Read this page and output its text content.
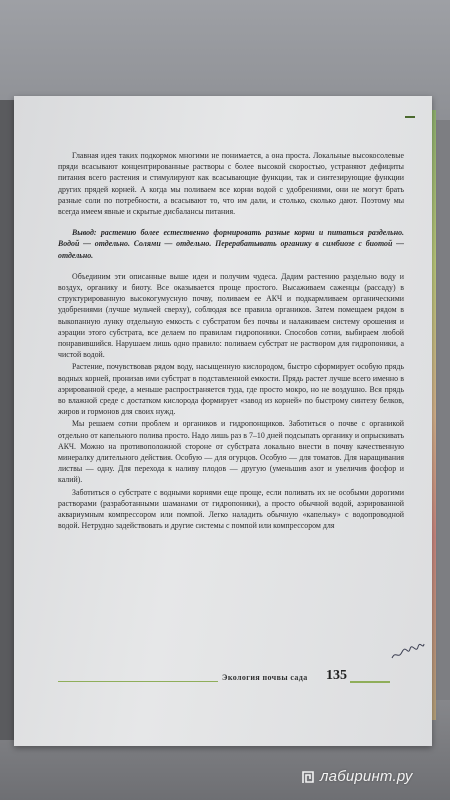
Главная идея таких подкормок многими не понимается, а она проста. Локальные высокосолевые пряди всасывают концентрированные растворы с более высокой скоростью, устраняют дефициты питания всего растения и стимулируют как всасывающие функции, так и синтезирующие функции других прядей корней. А когда мы поливаем все корни водой с удобрениями, они не могут брать разные соли по потребности, а всасывают то, что им дали, и столько, сколько дают. Поэтому мы всегда имеем явные и скрытые дисбалансы питания.

Вывод: растению более естественно формировать разные корни и питаться раздельно. Водой — отдельно. Солями — отдельно. Перерабатывать органику в симбиозе с биотой — отдельно.

Объединим эти описанные выше идеи и получим чудеса. Дадим растению раздельно воду и воздух, органику и биоту. Все оказывается проще простого. Высаживаем саженцы (рассаду) в структурированную высокогумусную почву, поливаем ее АКЧ и подкармливаем органическими удобрениями (лучше мульчей сверху), соблюдая все правила органиков. Затем помещаем рядом в выкопанную лунку отдельную емкость с субстратом без почвы и налаживаем систему орошения и аэрации этого субстрата, все делаем по правилам гидропоники. Способов сотни, выбираем любой понравившийся. Нарушаем лишь одно правило: поливаем субстрат не раствором для гидропоники, а чистой водой.

Растение, почувствовав рядом воду, насыщенную кислородом, быстро сформирует особую прядь водных корней, пронизав ими субстрат в подставленной емкости. Прядь растет лучше всего именно в аэрированной среде, а меньше распространяется туда, где просто мокро, но не воздушно. Вся прядь во влажной среде с достатком кислорода формирует «завод из корней» по быстрому синтезу белков, жиров и гормонов для своих нужд.

Мы решаем сотни проблем и органиков и гидропонщиков. Заботиться о почве с органикой отдельно от капельного полива просто. Надо лишь раз в 7–10 дней подсыпать органику и опрыскивать АКЧ. Можно на противоположной стороне от субстрата локально внести в почву качественную минералку длительного действия. Особую — для огурцов. Особую — для томатов. Для наращивания листвы — одну. Для перехода к наливу плодов — другую (уменьшив азот и увеличив фосфор и калий).

Заботиться о субстрате с водными корнями еще проще, если поливать их не особыми дорогими растворами (разработанными шаманами от гидропоники), а просто обычной водой, аэрированной аквариумным компрессором или помпой. Легко наладить обычную «капельку» с водопроводной водой. Нетрудно задействовать и другие системы с помпой или компрессором для

Экология почвы сада 135
лабиринт.ру
